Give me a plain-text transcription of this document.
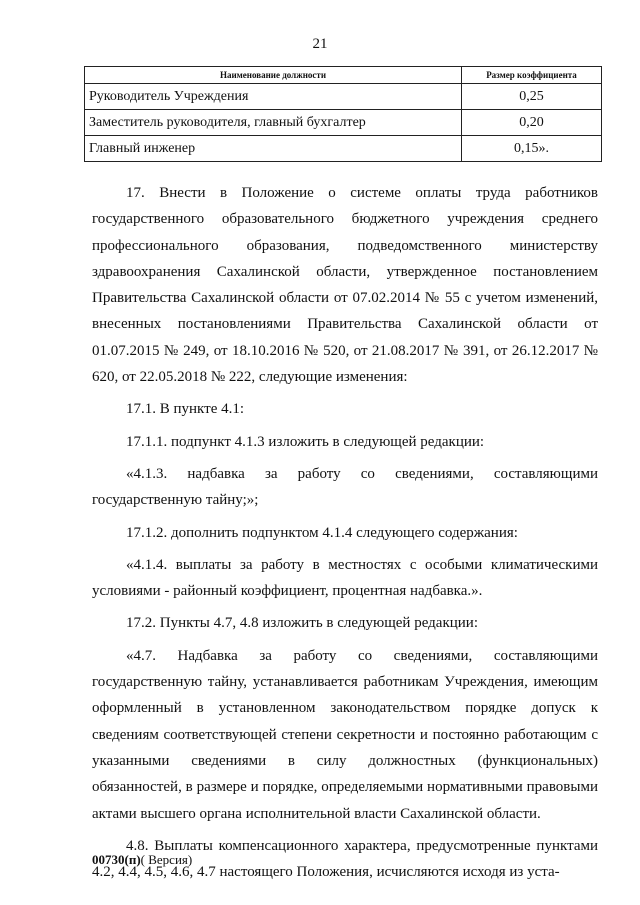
21
Наименование должности	Размер коэффициента
Руководитель Учреждения	0,25
Заместитель руководителя, главный бухгалтер	0,20
Главный инженер	0,15».

17. Внести в Положение о системе оплаты труда работников государственного образовательного бюджетного учреждения среднего профессионального образования, подведомственного министерству здравоохранения Сахалинской области, утвержденное постановлением Правительства Сахалинской области от 07.02.2014 № 55 с учетом изменений, внесенных постановлениями Правительства Сахалинской области от 01.07.2015 № 249, от 18.10.2016 № 520, от 21.08.2017 № 391, от 26.12.2017 № 620, от 22.05.2018 № 222, следующие изменения:

17.1. В пункте 4.1:

17.1.1. подпункт 4.1.3 изложить в следующей редакции:

«4.1.3. надбавка за работу со сведениями, составляющими государственную тайну;»;

17.1.2. дополнить подпунктом 4.1.4 следующего содержания:

«4.1.4. выплаты за работу в местностях с особыми климатическими условиями - районный коэффициент, процентная надбавка.».

17.2. Пункты 4.7, 4.8 изложить в следующей редакции:

«4.7. Надбавка за работу со сведениями, составляющими государственную тайну, устанавливается работникам Учреждения, имеющим оформленный в установленном законодательством порядке допуск к сведениям соответствующей степени секретности и постоянно работающим с указанными сведениями в силу должностных (функциональных) обязанностей, в размере и порядке, определяемыми нормативными правовыми актами высшего органа исполнительной власти Сахалинской области.

4.8. Выплаты компенсационного характера, предусмотренные пунктами 4.2, 4.4, 4.5, 4.6, 4.7 настоящего Положения, исчисляются исходя из уста-

00730(п)( Версия)
